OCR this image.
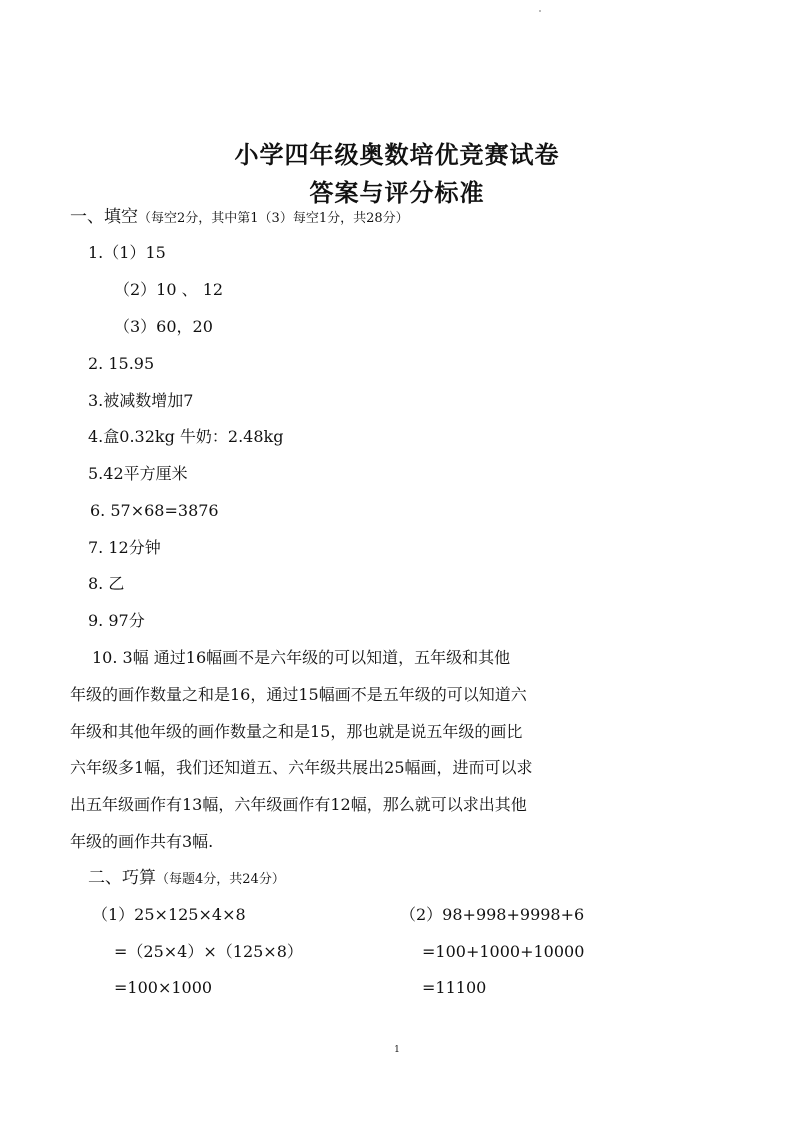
小学四年级奥数培优竞赛试卷
答案与评分标准
一、填空（每空2分，其中第1（3）每空1分，共28分）
1.（1）15
（2）10 、 12
（3）60，20
2. 15.95
3.被减数增加7
4.盒0.32kg 牛奶：2.48kg
5.42平方厘米
6. 57×68=3876
7. 12分钟
8. 乙
9. 97分
10. 3幅 通过16幅画不是六年级的可以知道，五年级和其他
年级的画作数量之和是16，通过15幅画不是五年级的可以知道六
年级和其他年级的画作数量之和是15，那也就是说五年级的画比
六年级多1幅，我们还知道五、六年级共展出25幅画，进而可以求
出五年级画作有13幅，六年级画作有12幅，那么就可以求出其他
年级的画作共有3幅.
二、巧算（每题4分，共24分）
（1）25×125×4×8
=（25×4）×（125×8）
=100×1000
（2）98+998+9998+6
=100+1000+10000
=11100
1
